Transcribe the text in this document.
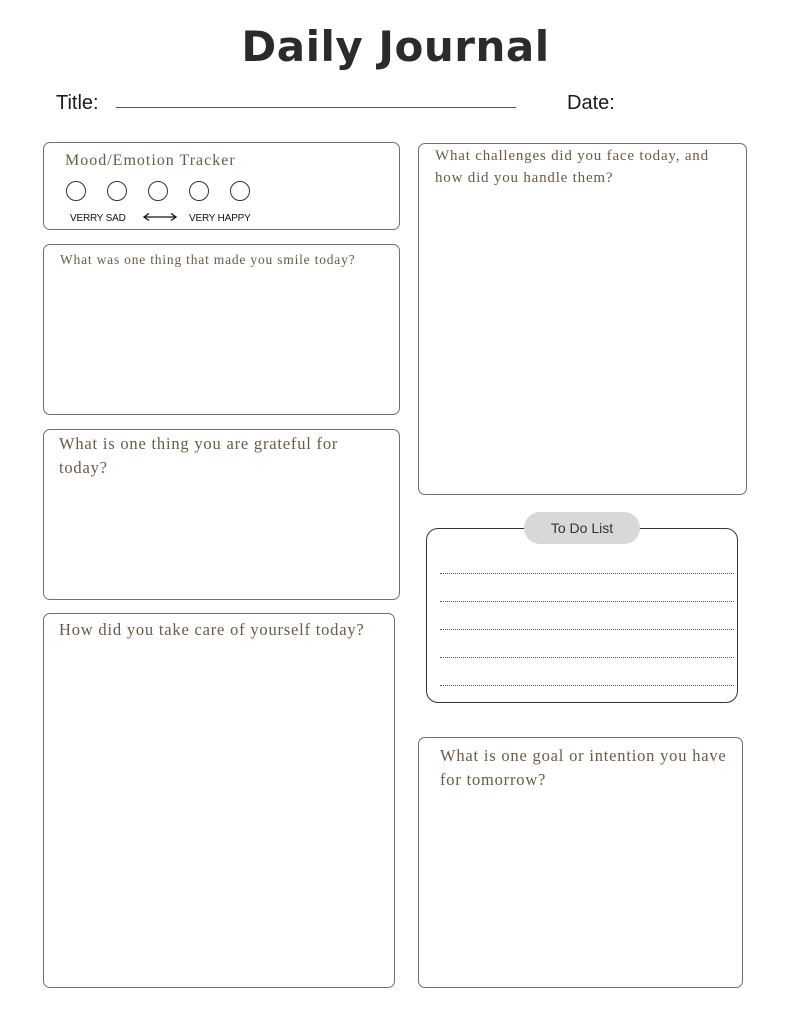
Daily Journal
Title:	Date:
Mood/Emotion Tracker
VERRY SAD	VERY HAPPY
What was one thing that made you smile today?
What is one thing you are grateful for today?
How did you take care of yourself today?
What challenges did you face today, and how did you handle them?
To Do List
What is one goal or intention you have for tomorrow?
